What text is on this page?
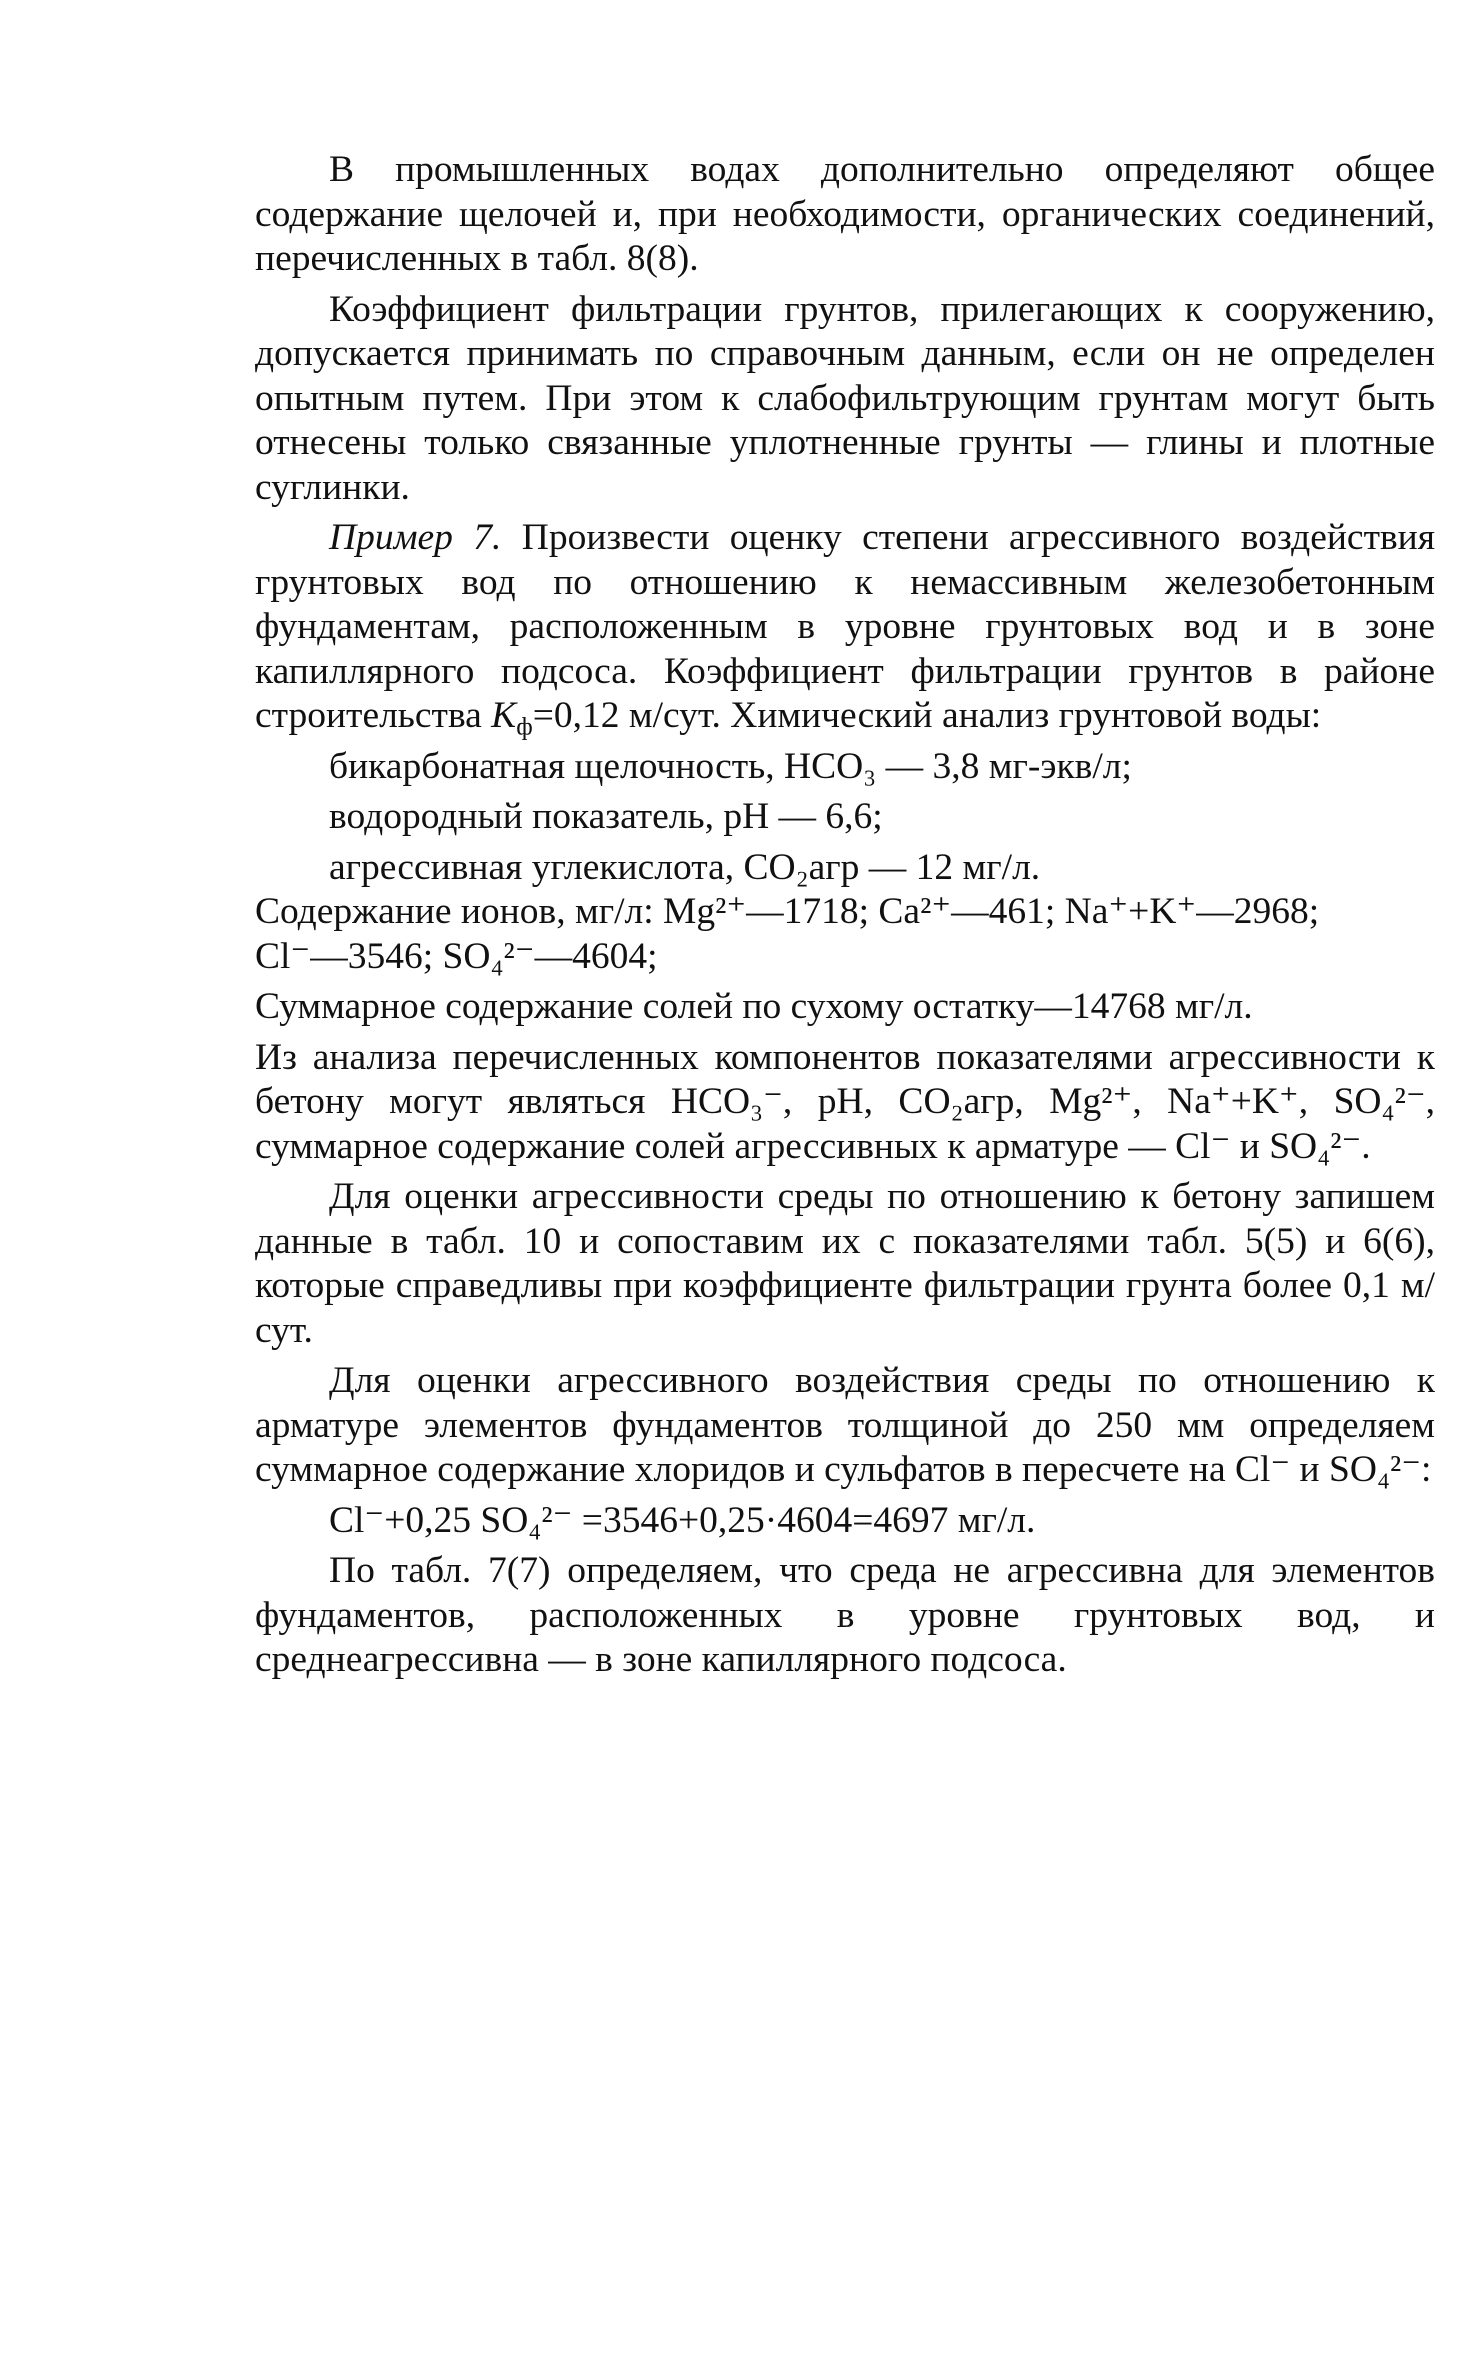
В промышленных водах дополнительно определяют общее содержание щелочей и, при необходимости, органических соединений, перечисленных в табл. 8(8).

Коэффициент фильтрации грунтов, прилегающих к сооружению, допускается принимать по справочным данным, если он не определен опытным путем. При этом к слабофильтрующим грунтам могут быть отнесены только связанные уплотненные грунты — глины и плотные суглинки.

Пример 7. Произвести оценку степени агрессивного воздействия грунтовых вод по отношению к немассивным железобетонным фундаментам, расположенным в уровне грунтовых вод и в зоне капиллярного подсоса. Коэффициент фильтрации грунтов в районе строительства $K_ф=0,12$ м/сут. Химический анализ грунтовой воды:

бикарбонатная щелочность, HCO₃ — 3,8 мг-экв/л;
водородный показатель, pH — 6,6;
агрессивная углекислота, CO₂агр — 12 мг/л.
Содержание ионов, мг/л: Mg²⁺—1718; Ca²⁺—461; Na⁺+K⁺—2968;
Cl⁻—3546; SO₄²⁻—4604;
Суммарное содержание солей по сухому остатку—14768 мг/л.

Из анализа перечисленных компонентов показателями агрессивности к бетону могут являться HCO₃⁻, pH, CO₂агр, Mg²⁺, Na⁺+K⁺, SO₄²⁻, суммарное содержание солей агрессивных к арматуре — Cl⁻ и SO₄²⁻.

Для оценки агрессивности среды по отношению к бетону запишем данные в табл. 10 и сопоставим их с показателями табл. 5(5) и 6(6), которые справедливы при коэффициенте фильтрации грунта более 0,1 м/сут.

Для оценки агрессивного воздействия среды по отношению к арматуре элементов фундаментов толщиной до 250 мм определяем суммарное содержание хлоридов и сульфатов в пересчете на Cl⁻ и SO₄²⁻:

Cl⁻+0,25 SO₄²⁻ =3546+0,25·4604=4697 мг/л.

По табл. 7(7) определяем, что среда не агрессивна для элементов фундаментов, расположенных в уровне грунтовых вод, и среднеагрессивна — в зоне капиллярного подсоса.
